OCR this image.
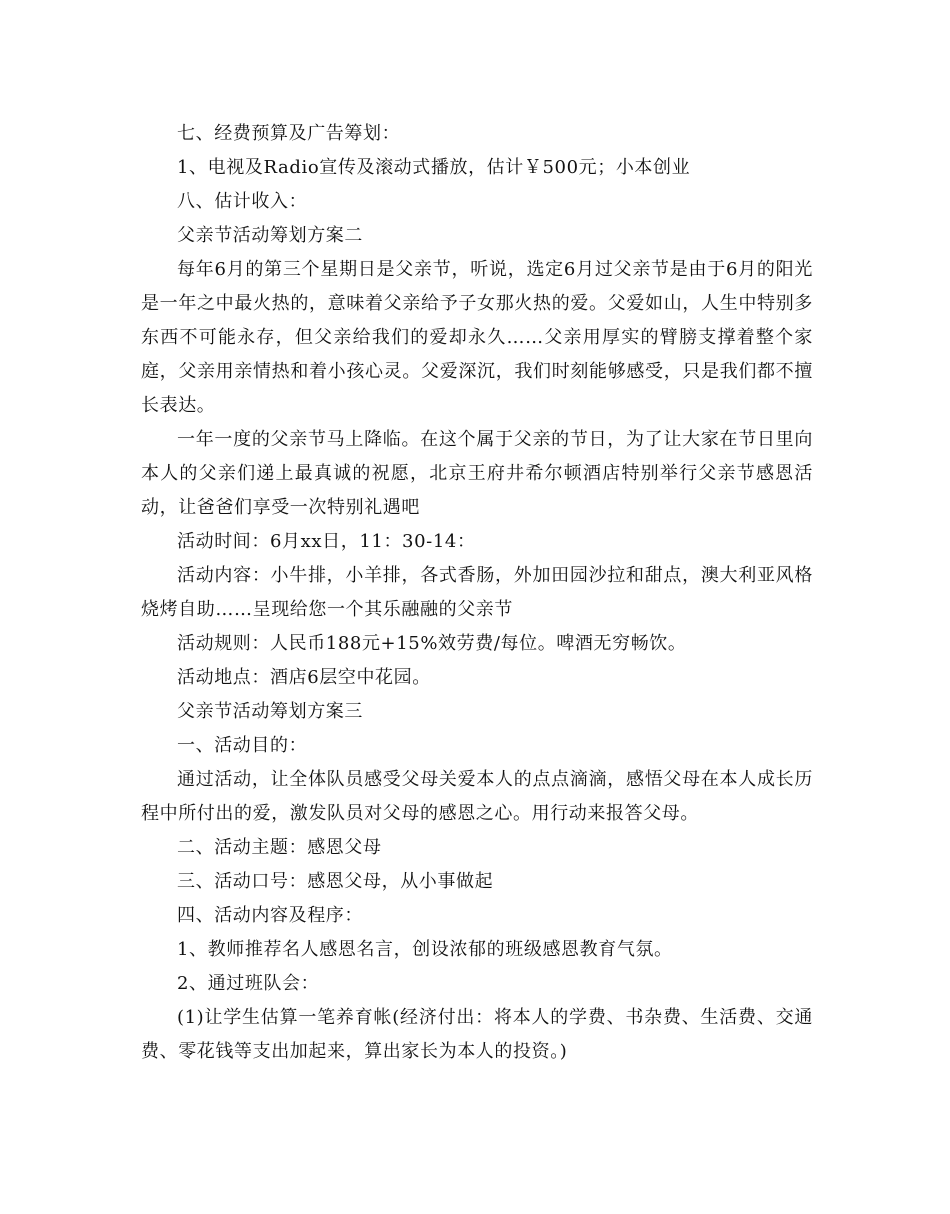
七、经费预算及广告筹划：

1、电视及Radio宣传及滚动式播放，估计￥500元；小本创业

八、估计收入：

父亲节活动筹划方案二

每年6月的第三个星期日是父亲节，听说，选定6月过父亲节是由于6月的阳光是一年之中最火热的，意味着父亲给予子女那火热的爱。父爱如山，人生中特别多东西不可能永存，但父亲给我们的爱却永久……父亲用厚实的臂膀支撑着整个家庭，父亲用亲情热和着小孩心灵。父爱深沉，我们时刻能够感受，只是我们都不擅长表达。

一年一度的父亲节马上降临。在这个属于父亲的节日，为了让大家在节日里向本人的父亲们递上最真诚的祝愿，北京王府井希尔顿酒店特别举行父亲节感恩活动，让爸爸们享受一次特别礼遇吧

活动时间：6月xx日，11：30-14：

活动内容：小牛排，小羊排，各式香肠，外加田园沙拉和甜点，澳大利亚风格烧烤自助……呈现给您一个其乐融融的父亲节

活动规则：人民币188元+15%效劳费/每位。啤酒无穷畅饮。

活动地点：酒店6层空中花园。

父亲节活动筹划方案三

一、活动目的：

通过活动，让全体队员感受父母关爱本人的点点滴滴，感悟父母在本人成长历程中所付出的爱，激发队员对父母的感恩之心。用行动来报答父母。

二、活动主题：感恩父母

三、活动口号：感恩父母，从小事做起

四、活动内容及程序：

1、教师推荐名人感恩名言，创设浓郁的班级感恩教育气氛。

2、通过班队会：

(1)让学生估算一笔养育帐(经济付出：将本人的学费、书杂费、生活费、交通费、零花钱等支出加起来，算出家长为本人的投资。)
